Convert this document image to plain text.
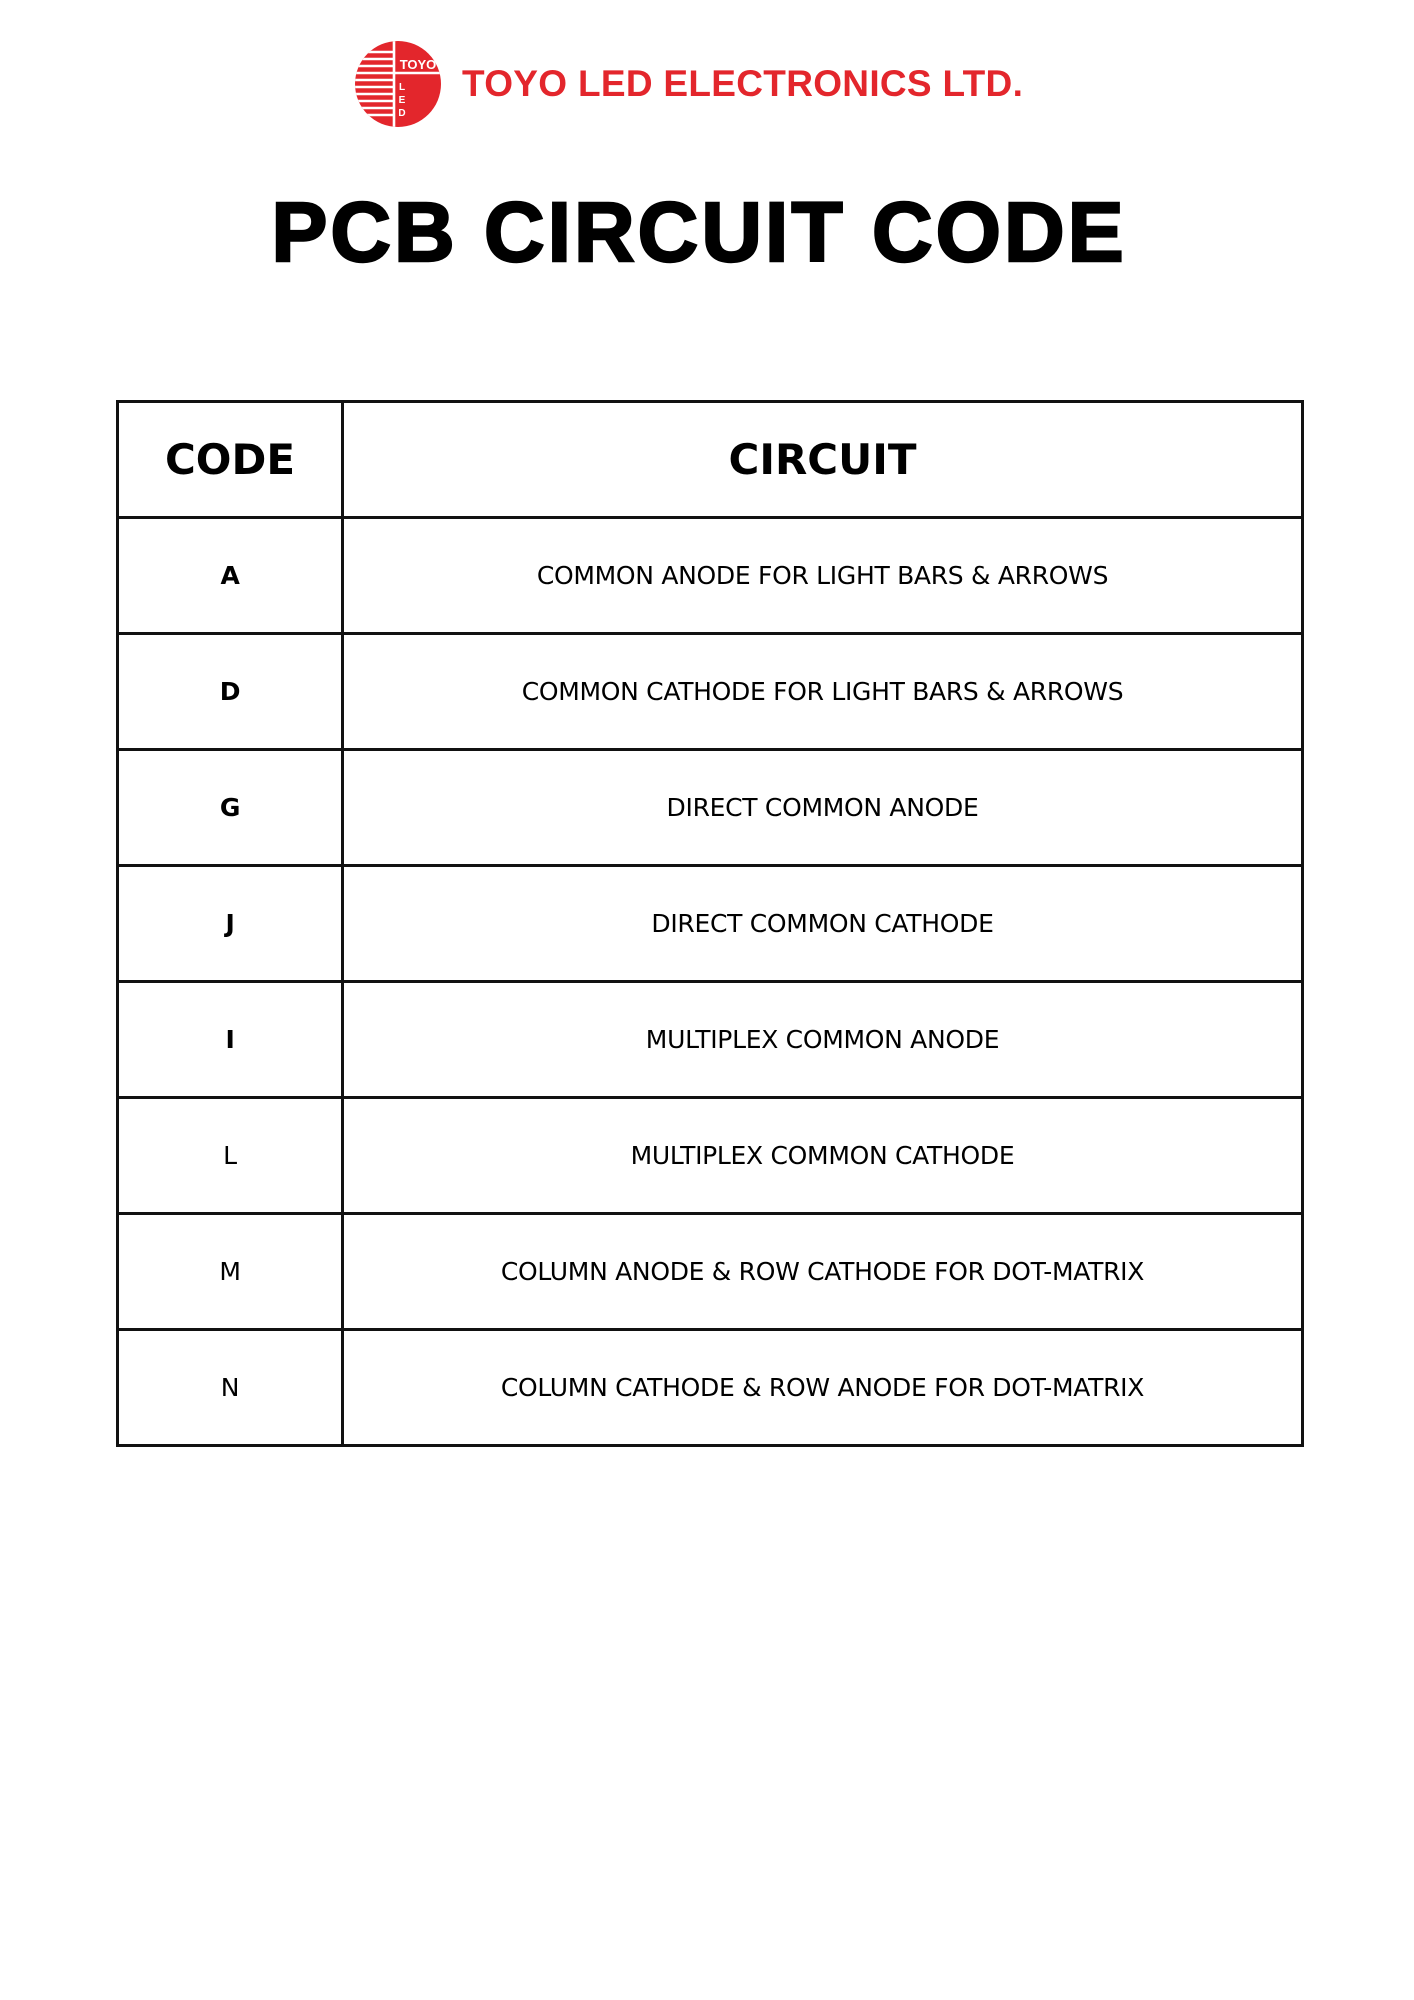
TOYO
L
E
D
TOYO LED ELECTRONICS LTD.
PCB CIRCUIT CODE
CODE	CIRCUIT
A	COMMON ANODE FOR LIGHT BARS & ARROWS
D	COMMON CATHODE FOR LIGHT BARS & ARROWS
G	DIRECT COMMON ANODE
J	DIRECT COMMON CATHODE
I	MULTIPLEX COMMON ANODE
L	MULTIPLEX COMMON CATHODE
M	COLUMN ANODE & ROW CATHODE FOR DOT-MATRIX
N	COLUMN CATHODE & ROW ANODE FOR DOT-MATRIX
